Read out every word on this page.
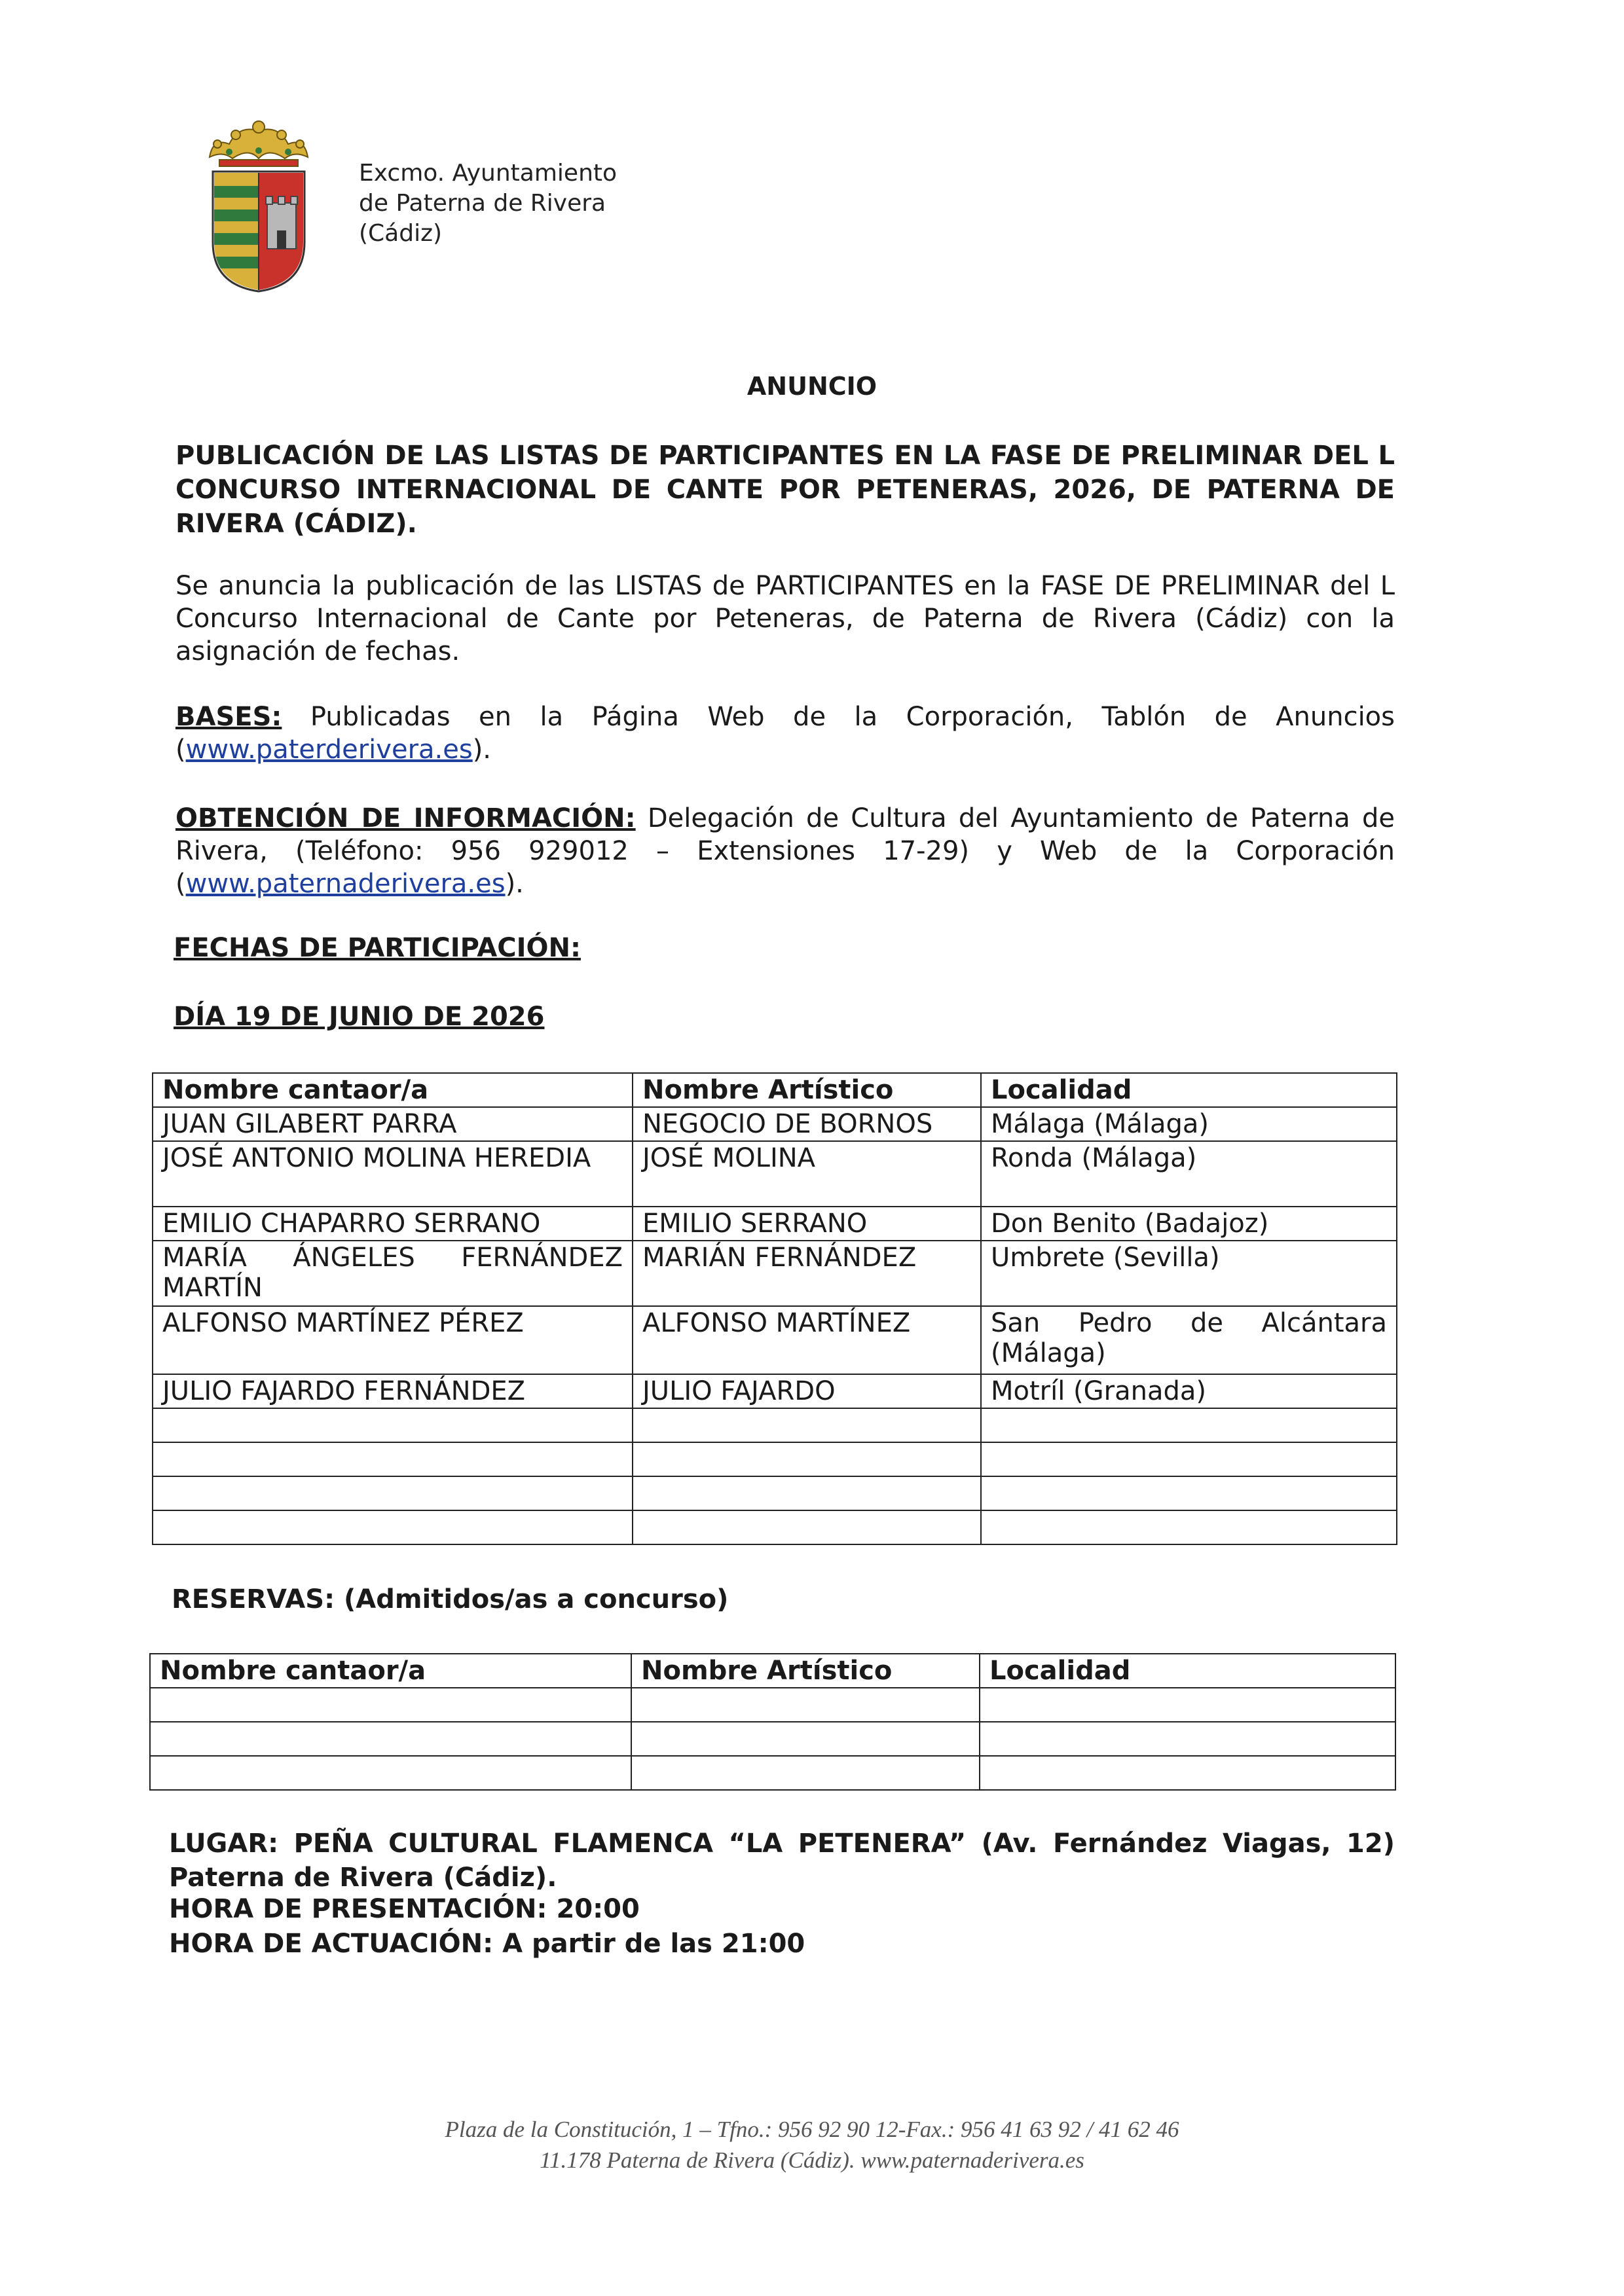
Excmo. Ayuntamiento
de Paterna de Rivera
(Cádiz)
ANUNCIO
PUBLICACIÓN DE LAS LISTAS DE PARTICIPANTES EN LA FASE DE PRELIMINAR DEL L CONCURSO INTERNACIONAL DE CANTE POR PETENERAS, 2026, DE PATERNA DE RIVERA (CÁDIZ).
Se anuncia la publicación de las LISTAS de PARTICIPANTES en la FASE DE PRELIMINAR del L Concurso Internacional de Cante por Peteneras, de Paterna de Rivera (Cádiz) con la asignación de fechas.
BASES: Publicadas en la Página Web de la Corporación, Tablón de Anuncios (www.paterderivera.es).
OBTENCIÓN DE INFORMACIÓN: Delegación de Cultura del Ayuntamiento de Paterna de Rivera, (Teléfono: 956 929012 – Extensiones 17-29) y Web de la Corporación (www.paternaderivera.es).
FECHAS DE PARTICIPACIÓN:
DÍA 19 DE JUNIO DE 2026
Nombre cantaor/a	Nombre Artístico	Localidad
JUAN GILABERT PARRA	NEGOCIO DE BORNOS	Málaga (Málaga)
JOSÉ ANTONIO MOLINA HEREDIA	JOSÉ MOLINA	Ronda (Málaga)
EMILIO CHAPARRO SERRANO	EMILIO SERRANO	Don Benito (Badajoz)
MARÍA ÁNGELES FERNÁNDEZ MARTÍN	MARIÁN FERNÁNDEZ	Umbrete (Sevilla)
ALFONSO MARTÍNEZ PÉREZ	ALFONSO MARTÍNEZ	San Pedro de Alcántara (Málaga)
JULIO FAJARDO FERNÁNDEZ	JULIO FAJARDO	Motríl (Granada)

RESERVAS: (Admitidos/as a concurso)
Nombre cantaor/a	Nombre Artístico	Localidad

LUGAR: PEÑA CULTURAL FLAMENCA “LA PETENERA” (Av. Fernández Viagas, 12) Paterna de Rivera (Cádiz).
HORA DE PRESENTACIÓN: 20:00
HORA DE ACTUACIÓN: A partir de las 21:00
Plaza de la Constitución, 1 – Tfno.: 956 92 90 12-Fax.: 956 41 63 92 / 41 62 46
11.178 Paterna de Rivera (Cádiz). www.paternaderivera.es
